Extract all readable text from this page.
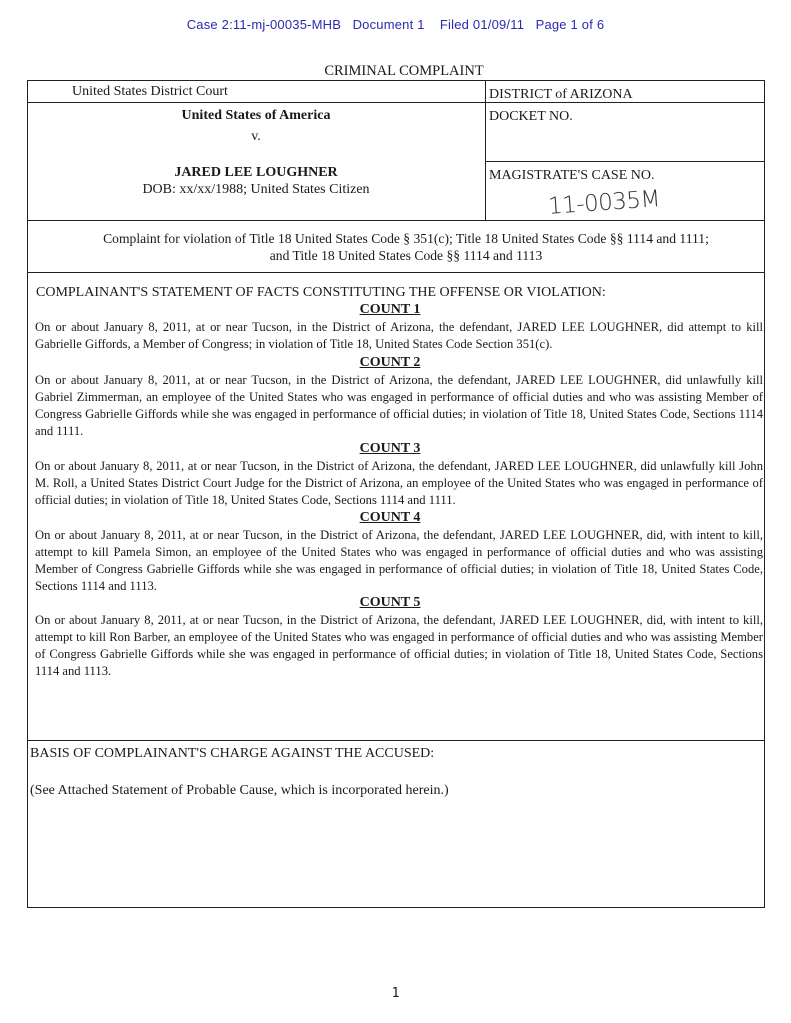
Case 2:11-mj-00035-MHB   Document 1    Filed 01/09/11   Page 1 of 6
CRIMINAL COMPLAINT
United States District Court	DISTRICT of ARIZONA
United States of America
v.
JARED LEE LOUGHNER
DOB: xx/xx/1988; United States Citizen
DOCKET NO.
MAGISTRATE'S CASE NO.
11-0035M
Complaint for violation of Title 18 United States Code § 351(c); Title 18 United States Code §§ 1114 and 1111;
and Title 18 United States Code §§ 1114 and 1113
COMPLAINANT'S STATEMENT OF FACTS CONSTITUTING THE OFFENSE OR VIOLATION:
COUNT 1
On or about January 8, 2011, at or near Tucson, in the District of Arizona, the defendant, JARED LEE LOUGHNER, did attempt to kill Gabrielle Giffords, a Member of Congress; in violation of Title 18, United States Code Section 351(c).
COUNT 2
On or about January 8, 2011, at or near Tucson, in the District of Arizona, the defendant, JARED LEE LOUGHNER, did unlawfully kill Gabriel Zimmerman, an employee of the United States who was engaged in performance of official duties and who was assisting Member of Congress Gabrielle Giffords while she was engaged in performance of official duties; in violation of Title 18, United States Code, Sections 1114 and 1111.
COUNT 3
On or about January 8, 2011, at or near Tucson, in the District of Arizona, the defendant, JARED LEE LOUGHNER, did unlawfully kill John M. Roll, a United States District Court Judge for the District of Arizona, an employee of the United States who was engaged in performance of official duties; in violation of Title 18, United States Code, Sections 1114 and 1111.
COUNT 4
On or about January 8, 2011, at or near Tucson, in the District of Arizona, the defendant, JARED LEE LOUGHNER, did, with intent to kill, attempt to kill Pamela Simon, an employee of the United States who was engaged in performance of official duties and who was assisting Member of Congress Gabrielle Giffords while she was engaged in performance of official duties; in violation of Title 18, United States Code, Sections 1114 and 1113.
COUNT 5
On or about January 8, 2011, at or near Tucson, in the District of Arizona, the defendant, JARED LEE LOUGHNER, did, with intent to kill, attempt to kill Ron Barber, an employee of the United States who was engaged in performance of official duties and who was assisting Member of Congress Gabrielle Giffords while she was engaged in performance of official duties; in violation of Title 18, United States Code, Sections 1114 and 1113.
BASIS OF COMPLAINANT'S CHARGE AGAINST THE ACCUSED:
(See Attached Statement of Probable Cause, which is incorporated herein.)
1
